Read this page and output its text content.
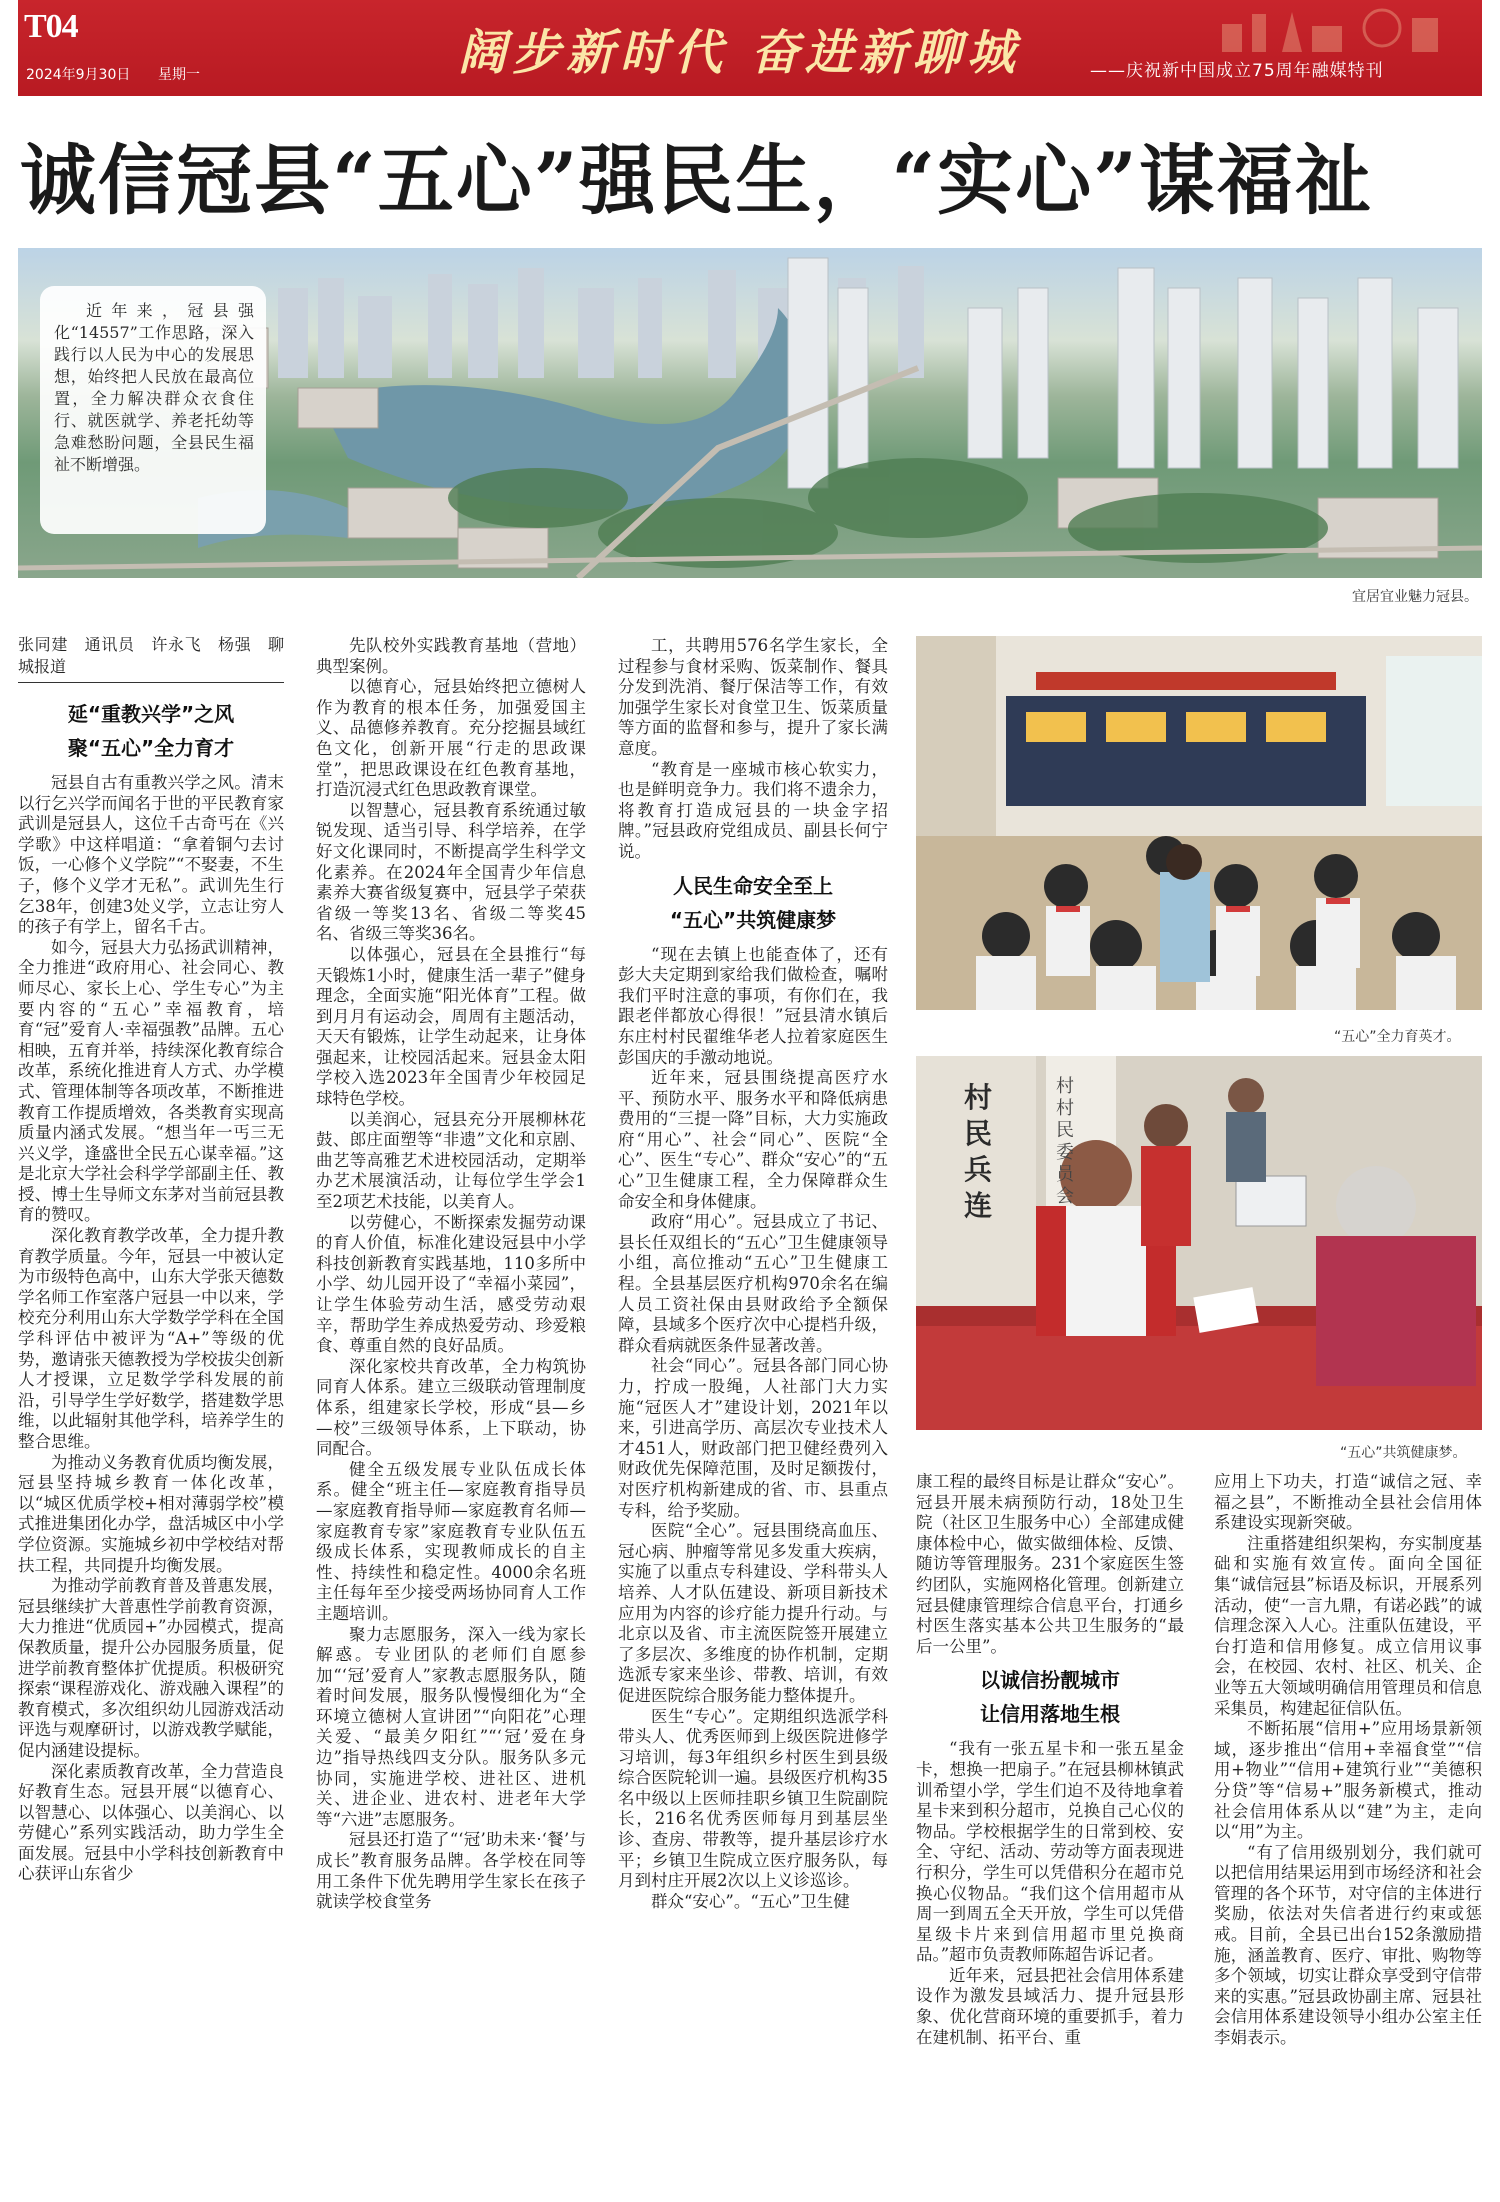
T04
2024年9月30日 星期一	阔步新时代 奋进新聊城	——庆祝新中国成立75周年融媒特刊
诚信冠县“五心”强民生，“实心”谋福祉
近年来，冠县强化“14557”工作思路，深入践行以人民为中心的发展思想，始终把人民放在最高位置，全力解决群众衣食住行、就医就学、养老托幼等急难愁盼问题，全县民生福祉不断增强。
宜居宜业魅力冠县。

张同建　通讯员　许永飞　杨强　聊城报道

延“重教兴学”之风
聚“五心”全力育才

冠县自古有重教兴学之风。清末以行乞兴学而闻名于世的平民教育家武训是冠县人，这位千古奇丐在《兴学歌》中这样唱道：“拿着铜勺去讨饭，一心修个义学院”“不娶妻，不生子，修个义学才无私”。武训先生行乞38年，创建3处义学，立志让穷人的孩子有学上，留名千古。

如今，冠县大力弘扬武训精神，全力推进“政府用心、社会同心、教师尽心、家长上心、学生专心”为主要内容的“五心”幸福教育，培育“冠”爱育人·幸福强教”品牌。五心相映，五育并举，持续深化教育综合改革，系统化推进育人方式、办学模式、管理体制等各项改革，不断推进教育工作提质增效，各类教育实现高质量内涵式发展。“想当年一丐三无兴义学，逢盛世全民五心谋幸福。”这是北京大学社会科学学部副主任、教授、博士生导师文东茅对当前冠县教育的赞叹。

深化教育教学改革，全力提升教育教学质量。今年，冠县一中被认定为市级特色高中，山东大学张天德数学名师工作室落户冠县一中以来，学校充分利用山东大学数学学科在全国学科评估中被评为“A+”等级的优势，邀请张天德教授为学校拔尖创新人才授课，立足数学学科发展的前沿，引导学生学好数学，搭建数学思维，以此辐射其他学科，培养学生的整合思维。

为推动义务教育优质均衡发展，冠县坚持城乡教育一体化改革，以“城区优质学校+相对薄弱学校”模式推进集团化办学，盘活城区中小学学位资源。实施城乡初中学校结对帮扶工程，共同提升均衡发展。

为推动学前教育普及普惠发展，冠县继续扩大普惠性学前教育资源，大力推进“优质园+”办园模式，提高保教质量，提升公办园服务质量，促进学前教育整体扩优提质。积极研究探索“课程游戏化、游戏融入课程”的教育模式，多次组织幼儿园游戏活动评选与观摩研讨，以游戏教学赋能，促内涵建设提标。

深化素质教育改革，全力营造良好教育生态。冠县开展“以德育心、以智慧心、以体强心、以美润心、以劳健心”系列实践活动，助力学生全面发展。冠县中小学科技创新教育中心获评山东省少

先队校外实践教育基地（营地）典型案例。

以德育心，冠县始终把立德树人作为教育的根本任务，加强爱国主义、品德修养教育。充分挖掘县域红色文化，创新开展“行走的思政课堂”，把思政课设在红色教育基地，打造沉浸式红色思政教育课堂。

以智慧心，冠县教育系统通过敏锐发现、适当引导、科学培养，在学好文化课同时，不断提高学生科学文化素养。在2024年全国青少年信息素养大赛省级复赛中，冠县学子荣获省级一等奖13名、省级二等奖45名、省级三等奖36名。

以体强心，冠县在全县推行“每天锻炼1小时，健康生活一辈子”健身理念，全面实施“阳光体育”工程。做到月月有运动会，周周有主题活动，天天有锻炼，让学生动起来，让身体强起来，让校园活起来。冠县金太阳学校入选2023年全国青少年校园足球特色学校。

以美润心，冠县充分开展柳林花鼓、郎庄面塑等“非遗”文化和京剧、曲艺等高雅艺术进校园活动，定期举办艺术展演活动，让每位学生学会1至2项艺术技能，以美育人。

以劳健心，不断探索发掘劳动课的育人价值，标准化建设冠县中小学科技创新教育实践基地，110多所中小学、幼儿园开设了“幸福小菜园”，让学生体验劳动生活，感受劳动艰辛，帮助学生养成热爱劳动、珍爱粮食、尊重自然的良好品质。

深化家校共育改革，全力构筑协同育人体系。建立三级联动管理制度体系，组建家长学校，形成“县—乡—校”三级领导体系，上下联动，协同配合。

健全五级发展专业队伍成长体系。健全“班主任—家庭教育指导员—家庭教育指导师—家庭教育名师—家庭教育专家”家庭教育专业队伍五级成长体系，实现教师成长的自主性、持续性和稳定性。4000余名班主任每年至少接受两场协同育人工作主题培训。

聚力志愿服务，深入一线为家长解惑。专业团队的老师们自愿参加“‘冠’爱育人”家教志愿服务队，随着时间发展，服务队慢慢细化为“全环境立德树人宣讲团”“向阳花”心理关爱、“最美夕阳红”“‘冠’爱在身边”指导热线四支分队。服务队多元协同，实施进学校、进社区、进机关、进企业、进农村、进老年大学等“六进”志愿服务。

冠县还打造了“‘冠’助未来·‘餐’与成长”教育服务品牌。各学校在同等用工条件下优先聘用学生家长在孩子就读学校食堂务

工，共聘用576名学生家长，全过程参与食材采购、饭菜制作、餐具分发到洗消、餐厅保洁等工作，有效加强学生家长对食堂卫生、饭菜质量等方面的监督和参与，提升了家长满意度。

“教育是一座城市核心软实力，也是鲜明竞争力。我们将不遗余力，将教育打造成冠县的一块金字招牌。”冠县政府党组成员、副县长何宁说。

人民生命安全至上
“五心”共筑健康梦

“现在去镇上也能查体了，还有彭大夫定期到家给我们做检查，嘱咐我们平时注意的事项，有你们在，我跟老伴都放心得很！”冠县清水镇后东庄村村民翟维华老人拉着家庭医生彭国庆的手激动地说。

近年来，冠县围绕提高医疗水平、预防水平、服务水平和降低病患费用的“三提一降”目标，大力实施政府“用心”、社会“同心”、医院“全心”、医生“专心”、群众“安心”的“五心”卫生健康工程，全力保障群众生命安全和身体健康。

政府“用心”。冠县成立了书记、县长任双组长的“五心”卫生健康领导小组，高位推动“五心”卫生健康工程。全县基层医疗机构970余名在编人员工资社保由县财政给予全额保障，县域多个医疗次中心提档升级，群众看病就医条件显著改善。

社会“同心”。冠县各部门同心协力，拧成一股绳，人社部门大力实施“冠医人才”建设计划，2021年以来，引进高学历、高层次专业技术人才451人，财政部门把卫健经费列入财政优先保障范围，及时足额拨付，对医疗机构新建成的省、市、县重点专科，给予奖励。

医院“全心”。冠县围绕高血压、冠心病、肿瘤等常见多发重大疾病，实施了以重点专科建设、学科带头人培养、人才队伍建设、新项目新技术应用为内容的诊疗能力提升行动。与北京以及省、市主流医院签开展建立了多层次、多维度的协作机制，定期选派专家来坐诊、带教、培训，有效促进医院综合服务能力整体提升。

医生“专心”。定期组织选派学科带头人、优秀医师到上级医院进修学习培训，每3年组织乡村医生到县级综合医院轮训一遍。县级医疗机构35名中级以上医师挂职乡镇卫生院副院长，216名优秀医师每月到基层坐诊、查房、带教等，提升基层诊疗水平；乡镇卫生院成立医疗服务队，每月到村庄开展2次以上义诊巡诊。

群众“安心”。“五心”卫生健

“五心”全力育英才。
村民兵连
村村民委员会
“五心”共筑健康梦。

康工程的最终目标是让群众“安心”。冠县开展未病预防行动，18处卫生院（社区卫生服务中心）全部建成健康体检中心，做实做细体检、反馈、随访等管理服务。231个家庭医生签约团队，实施网格化管理。创新建立冠县健康管理综合信息平台，打通乡村医生落实基本公共卫生服务的“最后一公里”。

以诚信扮靓城市
让信用落地生根

“我有一张五星卡和一张五星金卡，想换一把扇子。”在冠县柳林镇武训希望小学，学生们迫不及待地拿着星卡来到积分超市，兑换自己心仪的物品。学校根据学生的日常到校、安全、守纪、活动、劳动等方面表现进行积分，学生可以凭借积分在超市兑换心仪物品。“我们这个信用超市从周一到周五全天开放，学生可以凭借星级卡片来到信用超市里兑换商品。”超市负责教师陈超告诉记者。

近年来，冠县把社会信用体系建设作为激发县域活力、提升冠县形象、优化营商环境的重要抓手，着力在建机制、拓平台、重

应用上下功夫，打造“诚信之冠、幸福之县”，不断推动全县社会信用体系建设实现新突破。

注重搭建组织架构，夯实制度基础和实施有效宣传。面向全国征集“诚信冠县”标语及标识，开展系列活动，使“一言九鼎，有诺必践”的诚信理念深入人心。注重队伍建设，平台打造和信用修复。成立信用议事会，在校园、农村、社区、机关、企业等五大领域明确信用管理员和信息采集员，构建起征信队伍。

不断拓展“信用+”应用场景新领域，逐步推出“信用+幸福食堂”“信用+物业”“信用+建筑行业”“美德积分贷”等“信易+”服务新模式，推动社会信用体系从以“建”为主，走向以“用”为主。

“有了信用级别划分，我们就可以把信用结果运用到市场经济和社会管理的各个环节，对守信的主体进行奖励，依法对失信者进行约束或惩戒。目前，全县已出台152条激励措施，涵盖教育、医疗、审批、购物等多个领域，切实让群众享受到守信带来的实惠。”冠县政协副主席、冠县社会信用体系建设领导小组办公室主任李娟表示。
